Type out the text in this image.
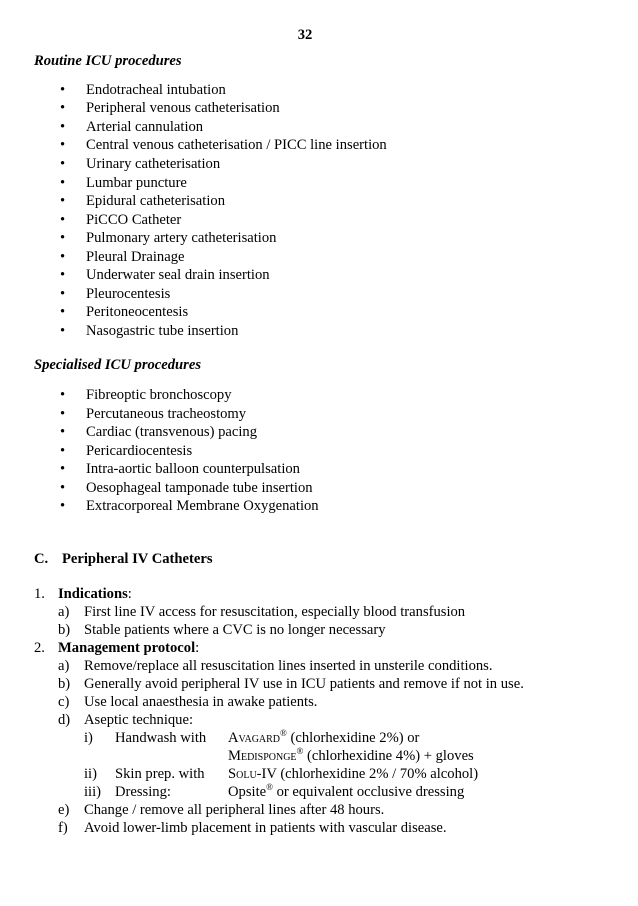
32
Routine ICU procedures
• Endotracheal intubation
• Peripheral venous catheterisation
• Arterial cannulation
• Central venous catheterisation / PICC line insertion
• Urinary catheterisation
• Lumbar puncture
• Epidural catheterisation
• PiCCO Catheter
• Pulmonary artery catheterisation
• Pleural Drainage
• Underwater seal drain insertion
• Pleurocentesis
• Peritoneocentesis
• Nasogastric tube insertion
Specialised ICU procedures
• Fibreoptic bronchoscopy
• Percutaneous tracheostomy
• Cardiac (transvenous) pacing
• Pericardiocentesis
• Intra-aortic balloon counterpulsation
• Oesophageal tamponade tube insertion
• Extracorporeal Membrane Oxygenation
C. Peripheral IV Catheters
1. Indications:
a) First line IV access for resuscitation, especially blood transfusion
b) Stable patients where a CVC is no longer necessary
2. Management protocol:
a) Remove/replace all resuscitation lines inserted in unsterile conditions.
b) Generally avoid peripheral IV use in ICU patients and remove if not in use.
c) Use local anaesthesia in awake patients.
d) Aseptic technique:
i) Handwash with Avagard® (chlorhexidine 2%) or
Medisponge® (chlorhexidine 4%) + gloves
ii) Skin prep. with Solu-IV (chlorhexidine 2% / 70% alcohol)
iii) Dressing:	Opsite® or equivalent occlusive dressing
e) Change / remove all peripheral lines after 48 hours.
f) Avoid lower-limb placement in patients with vascular disease.
